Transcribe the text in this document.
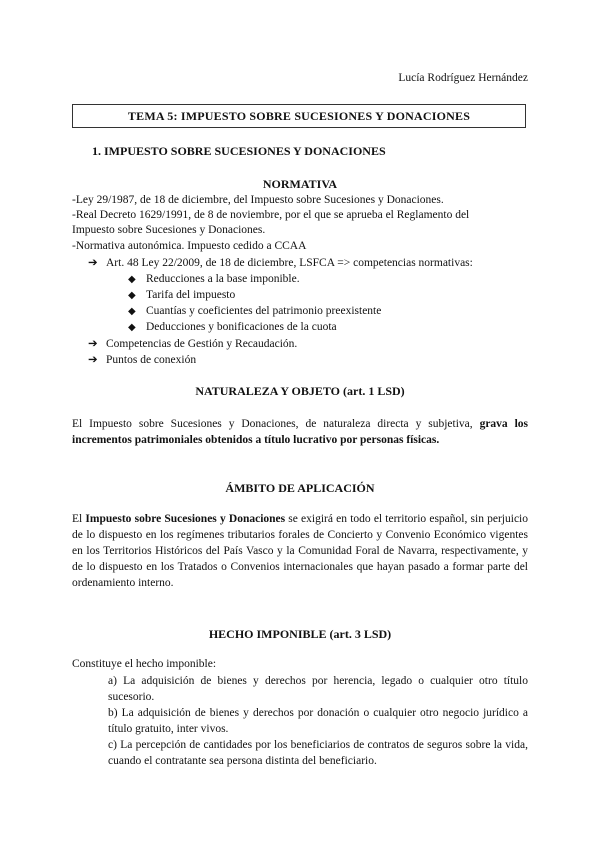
Lucía Rodríguez Hernández
TEMA 5: IMPUESTO SOBRE SUCESIONES Y DONACIONES
1. IMPUESTO SOBRE SUCESIONES Y DONACIONES
NORMATIVA
-Ley 29/1987, de 18 de diciembre, del Impuesto sobre Sucesiones y Donaciones.
-Real Decreto 1629/1991, de 8 de noviembre, por el que se aprueba el Reglamento del
Impuesto sobre Sucesiones y Donaciones.
-Normativa autonómica. Impuesto cedido a CCAA
➔ Art. 48 Ley 22/2009, de 18 de diciembre, LSFCA => competencias normativas:
◆ Reducciones a la base imponible.
◆ Tarifa del impuesto
◆ Cuantías y coeficientes del patrimonio preexistente
◆ Deducciones y bonificaciones de la cuota
➔ Competencias de Gestión y Recaudación.
➔ Puntos de conexión
NATURALEZA Y OBJETO (art. 1 LSD)
El Impuesto sobre Sucesiones y Donaciones, de naturaleza directa y subjetiva, grava los incrementos patrimoniales obtenidos a título lucrativo por personas físicas.
ÁMBITO DE APLICACIÓN
El Impuesto sobre Sucesiones y Donaciones se exigirá en todo el territorio español, sin perjuicio de lo dispuesto en los regímenes tributarios forales de Concierto y Convenio Económico vigentes en los Territorios Históricos del País Vasco y la Comunidad Foral de Navarra, respectivamente, y de lo dispuesto en los Tratados o Convenios internacionales que hayan pasado a formar parte del ordenamiento interno.
HECHO IMPONIBLE (art. 3 LSD)
Constituye el hecho imponible:
a) La adquisición de bienes y derechos por herencia, legado o cualquier otro título sucesorio.
b) La adquisición de bienes y derechos por donación o cualquier otro negocio jurídico a título gratuito, inter vivos.
c) La percepción de cantidades por los beneficiarios de contratos de seguros sobre la vida, cuando el contratante sea persona distinta del beneficiario.
